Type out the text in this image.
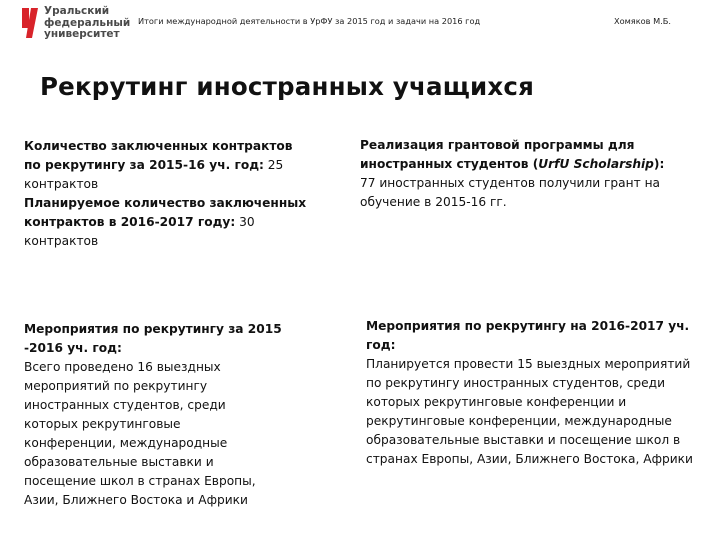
Уральский
федеральный
университет
Итоги международной деятельности в УрФУ за 2015 год и задачи на 2016 год	Хомяков М.Б.
Рекрутинг иностранных учащихся
Количество заключенных контрактов
по рекрутингу за 2015-16 уч. год: 25
контрактов
Планируемое количество заключенных
контрактов в 2016-2017 году: 30
контрактов
Реализация грантовой программы для
иностранных студентов (UrfU Scholarship):
77 иностранных студентов получили грант на
обучение в 2015-16 гг.
Мероприятия по рекрутингу за 2015
-2016 уч. год:
Всего проведено 16 выездных
мероприятий по рекрутингу
иностранных студентов, среди
которых рекрутинговые
конференции, международные
образовательные выставки и
посещение школ в странах Европы,
Азии, Ближнего Востока и Африки
Мероприятия по рекрутингу на 2016-2017 уч.
год:
Планируется провести 15 выездных мероприятий
по рекрутингу иностранных студентов, среди
которых рекрутинговые конференции и
рекрутинговые конференции, международные
образовательные выставки и посещение школ в
странах Европы, Азии, Ближнего Востока, Африки
